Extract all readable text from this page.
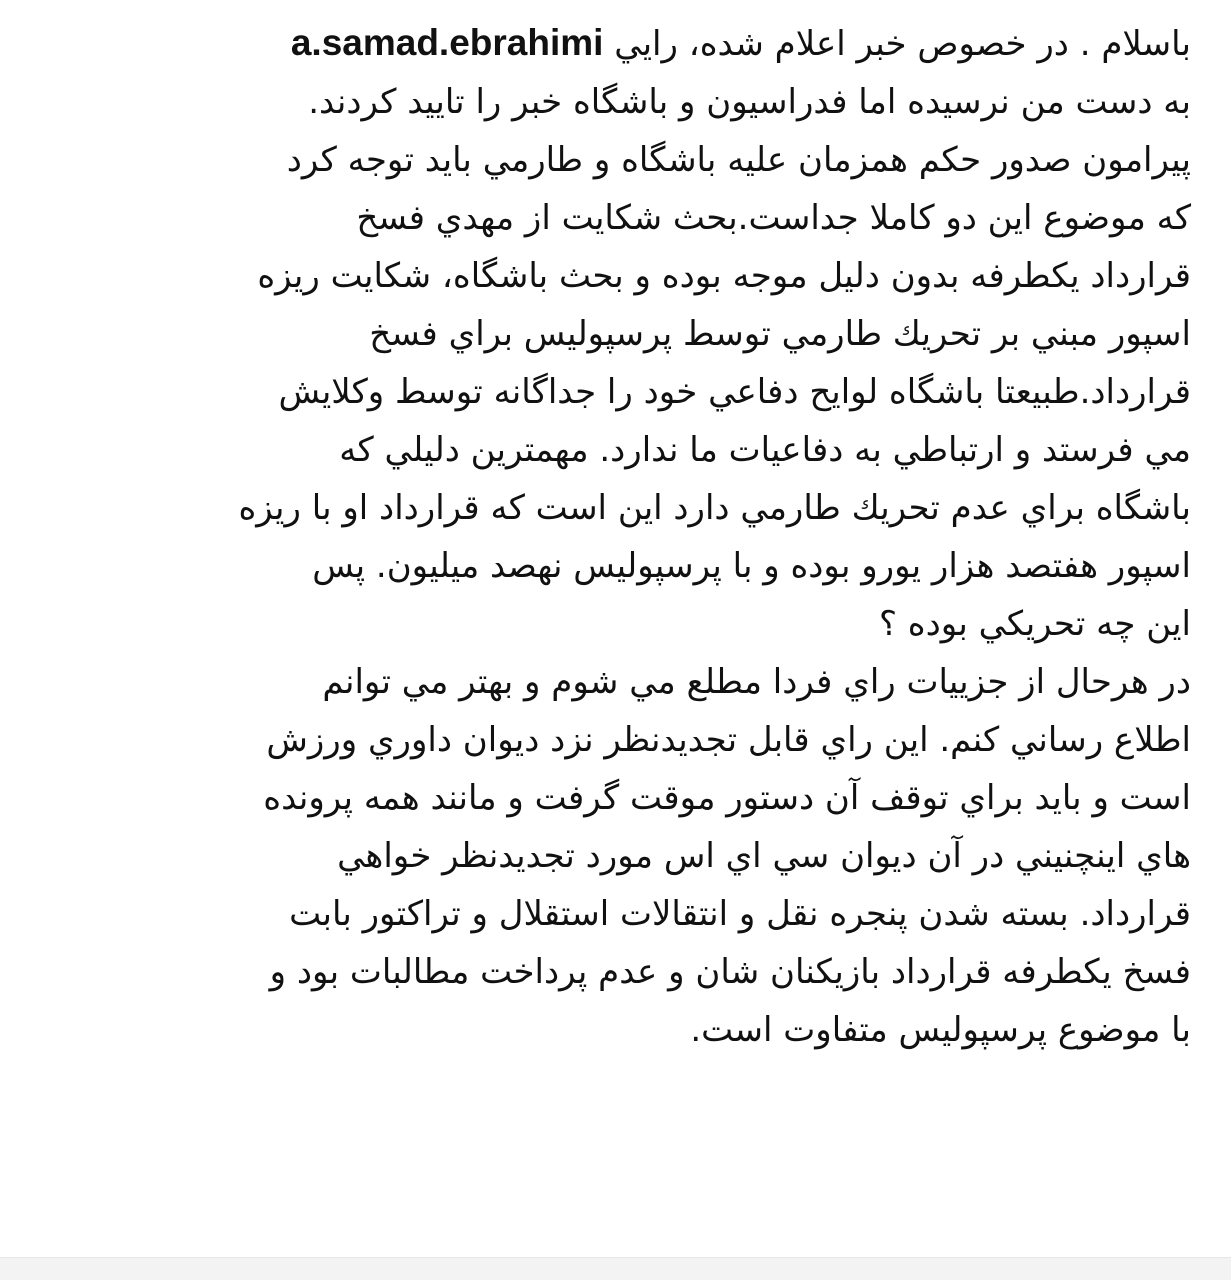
باسلام . در خصوص خبر اعلام شده، رايي a.samad.ebrahimi
به دست من نرسيده اما فدراسيون و باشگاه خبر را تاييد كردند.
پيرامون صدور حكم همزمان عليه باشگاه و طارمي بايد توجه كرد
كه موضوع اين دو كاملا جداست.بحث شكايت از مهدي فسخ
قرارداد يكطرفه بدون دليل موجه بوده و بحث باشگاه، شكايت ريزه
اسپور مبني بر تحريك طارمي توسط پرسپوليس براي فسخ
قرارداد.طبيعتا باشگاه لوايح دفاعي خود را جداگانه توسط وكلايش
مي فرستد و ارتباطي به دفاعيات ما ندارد. مهمترين دليلي كه
باشگاه براي عدم تحريك طارمي دارد اين است كه قرارداد او با ريزه
اسپور هفتصد هزار يورو بوده و با پرسپوليس نهصد ميليون. پس
اين چه تحريكي بوده ؟
در هرحال از جزييات راي فردا مطلع مي شوم و بهتر مي توانم
اطلاع رساني كنم. اين راي قابل تجديدنظر نزد ديوان داوري ورزش
است و بايد براي توقف آن دستور موقت گرفت و مانند همه پرونده
هاي اينچنيني در آن ديوان سي اي اس مورد تجديدنظر خواهي
قرارداد. بسته شدن پنجره نقل و انتقالات استقلال و تراكتور بابت
فسخ يكطرفه قرارداد بازيكنان شان و عدم پرداخت مطالبات بود و
با موضوع پرسپوليس متفاوت است.
